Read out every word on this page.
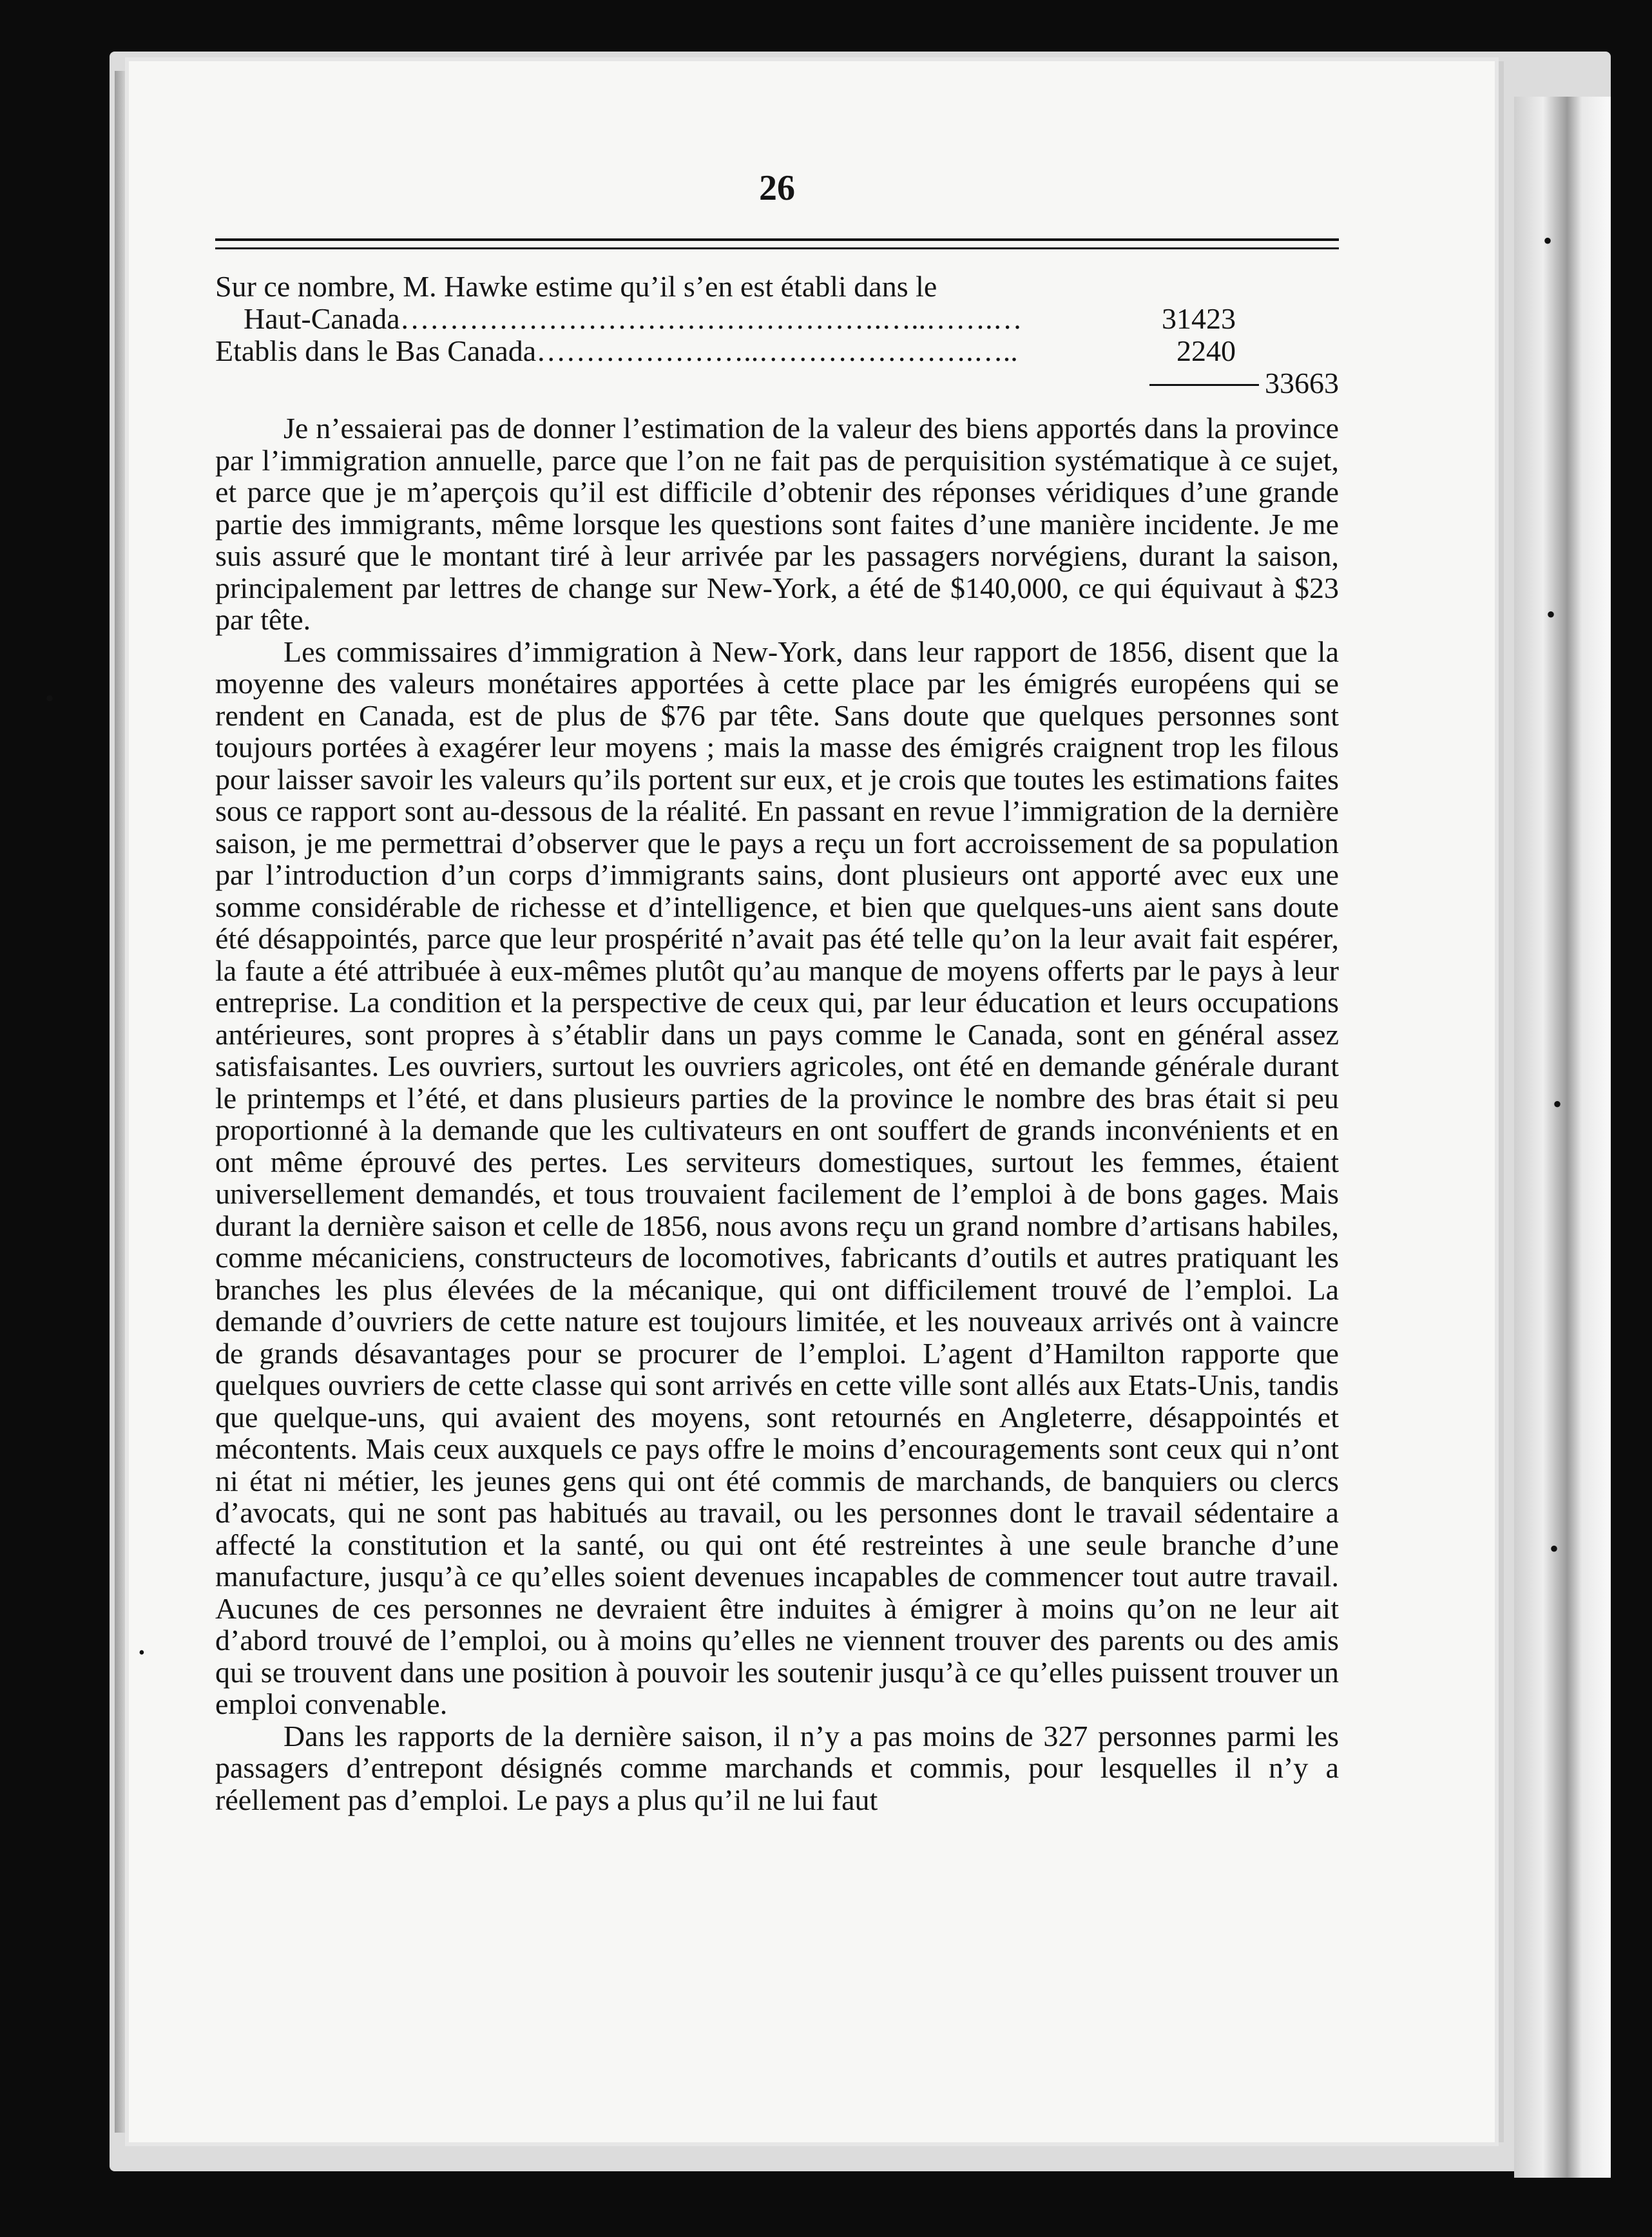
26
Sur ce nombre, M. Hawke estime qu’il s’en est établi dans le
Haut-Canada………………………………………….…..…….…	31423
Etablis dans le Bas Canada…………………..………………….…..	2240
33663

Je n’essaierai pas de donner l’estimation de la valeur des biens apportés dans la province par l’immigration annuelle, parce que l’on ne fait pas de perquisition systématique à ce sujet, et parce que je m’aperçois qu’il est difficile d’obtenir des réponses véridiques d’une grande partie des immigrants, même lorsque les questions sont faites d’une manière incidente. Je me suis assuré que le montant tiré à leur arrivée par les passagers norvégiens, durant la saison, principalement par lettres de change sur New-York, a été de $140,000, ce qui équivaut à $23 par tête.

Les commissaires d’immigration à New-York, dans leur rapport de 1856, disent que la moyenne des valeurs monétaires apportées à cette place par les émigrés européens qui se rendent en Canada, est de plus de $76 par tête. Sans doute que quelques personnes sont toujours portées à exagérer leur moyens ; mais la masse des émigrés craignent trop les filous pour laisser savoir les valeurs qu’ils portent sur eux, et je crois que toutes les estimations faites sous ce rapport sont au-dessous de la réalité. En passant en revue l’immigration de la dernière saison, je me permettrai d’observer que le pays a reçu un fort accroissement de sa population par l’introduction d’un corps d’immigrants sains, dont plusieurs ont apporté avec eux une somme considérable de richesse et d’intelligence, et bien que quelques-uns aient sans doute été désappointés, parce que leur prospérité n’avait pas été telle qu’on la leur avait fait espérer, la faute a été attribuée à eux-mêmes plutôt qu’au manque de moyens offerts par le pays à leur entreprise. La condition et la perspective de ceux qui, par leur éducation et leurs occupations antérieures, sont propres à s’établir dans un pays comme le Canada, sont en général assez satisfaisantes. Les ouvriers, surtout les ouvriers agricoles, ont été en demande générale durant le printemps et l’été, et dans plusieurs parties de la province le nombre des bras était si peu proportionné à la demande que les cultivateurs en ont souffert de grands inconvénients et en ont même éprouvé des pertes. Les serviteurs domestiques, surtout les femmes, étaient universellement demandés, et tous trouvaient facilement de l’emploi à de bons gages. Mais durant la dernière saison et celle de 1856, nous avons reçu un grand nombre d’artisans habiles, comme mécaniciens, constructeurs de locomotives, fabricants d’outils et autres pratiquant les branches les plus élevées de la mécanique, qui ont difficilement trouvé de l’emploi. La demande d’ouvriers de cette nature est toujours limitée, et les nouveaux arrivés ont à vaincre de grands désavantages pour se procurer de l’emploi. L’agent d’Hamilton rapporte que quelques ouvriers de cette classe qui sont arrivés en cette ville sont allés aux Etats-Unis, tandis que quelque-uns, qui avaient des moyens, sont retournés en Angleterre, désappointés et mécontents. Mais ceux auxquels ce pays offre le moins d’encouragements sont ceux qui n’ont ni état ni métier, les jeunes gens qui ont été commis de marchands, de banquiers ou clercs d’avocats, qui ne sont pas habitués au travail, ou les personnes dont le travail sédentaire a affecté la constitution et la santé, ou qui ont été restreintes à une seule branche d’une manufacture, jusqu’à ce qu’elles soient devenues incapables de commencer tout autre travail. Aucunes de ces personnes ne devraient être induites à émigrer à moins qu’on ne leur ait d’abord trouvé de l’emploi, ou à moins qu’elles ne viennent trouver des parents ou des amis qui se trouvent dans une position à pouvoir les soutenir jusqu’à ce qu’elles puissent trouver un emploi convenable.

Dans les rapports de la dernière saison, il n’y a pas moins de 327 personnes parmi les passagers d’entrepont désignés comme marchands et commis, pour lesquelles il n’y a réellement pas d’emploi. Le pays a plus qu’il ne lui faut

•
•
•
•
•
•
